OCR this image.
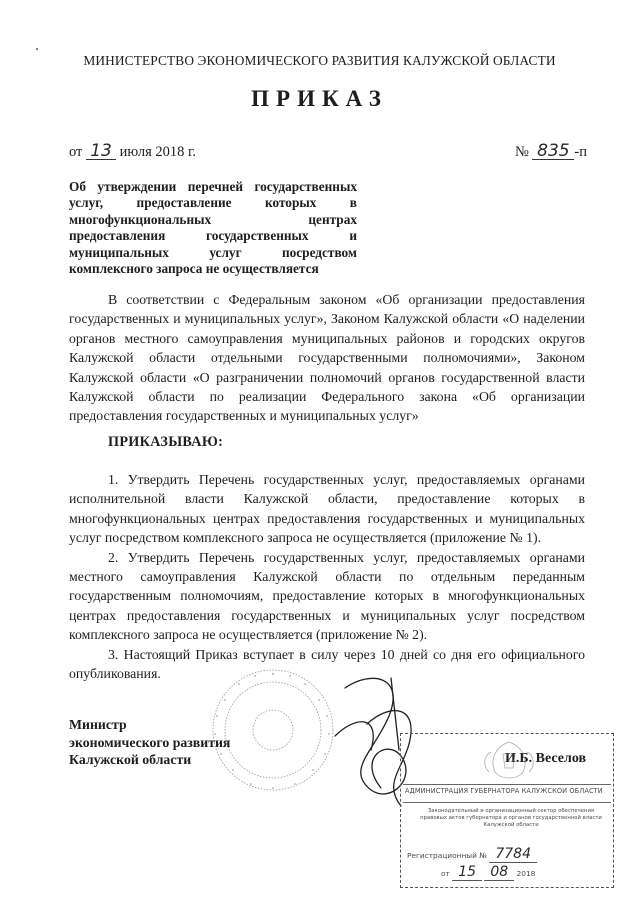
МИНИСТЕРСТВО ЭКОНОМИЧЕСКОГО РАЗВИТИЯ КАЛУЖСКОЙ ОБЛАСТИ
ПРИКАЗ
от 13 июля 2018 г.	№ 835 -п
Об утверждении перечней государственных услуг, предоставление которых в многофункциональных центрах предоставления государственных и муниципальных услуг посредством комплексного запроса не осуществляется

В соответствии с Федеральным законом «Об организации предоставления государственных и муниципальных услуг», Законом Калужской области «О наделении органов местного самоуправления муниципальных районов и городских округов Калужской области отдельными государственными полномочиями», Законом Калужской области «О разграничении полномочий органов государственной власти Калужской области по реализации Федерального закона «Об организации предоставления государственных и муниципальных услуг»

ПРИКАЗЫВАЮ:

1. Утвердить Перечень государственных услуг, предоставляемых органами исполнительной власти Калужской области, предоставление которых в многофункциональных центрах предоставления государственных и муниципальных услуг посредством комплексного запроса не осуществляется (приложение № 1).

2. Утвердить Перечень государственных услуг, предоставляемых органами местного самоуправления Калужской области по отдельным переданным государственным полномочиям, предоставление которых в многофункциональных центрах предоставления государственных и муниципальных услуг посредством комплексного запроса не осуществляется (приложение № 2).

3. Настоящий Приказ вступает в силу через 10 дней со дня его официального опубликования.

Министр
экономического развития
Калужской области	И.Б. Веселов
АДМИНИСТРАЦИЯ ГУБЕРНАТОРА КАЛУЖСКОЙ ОБЛАСТИ
Законодательный и организационный сектор обеспечения правовых актов губернатора и органов государственной власти Калужской области
Регистрационный № 7784
от 15 08 2018
